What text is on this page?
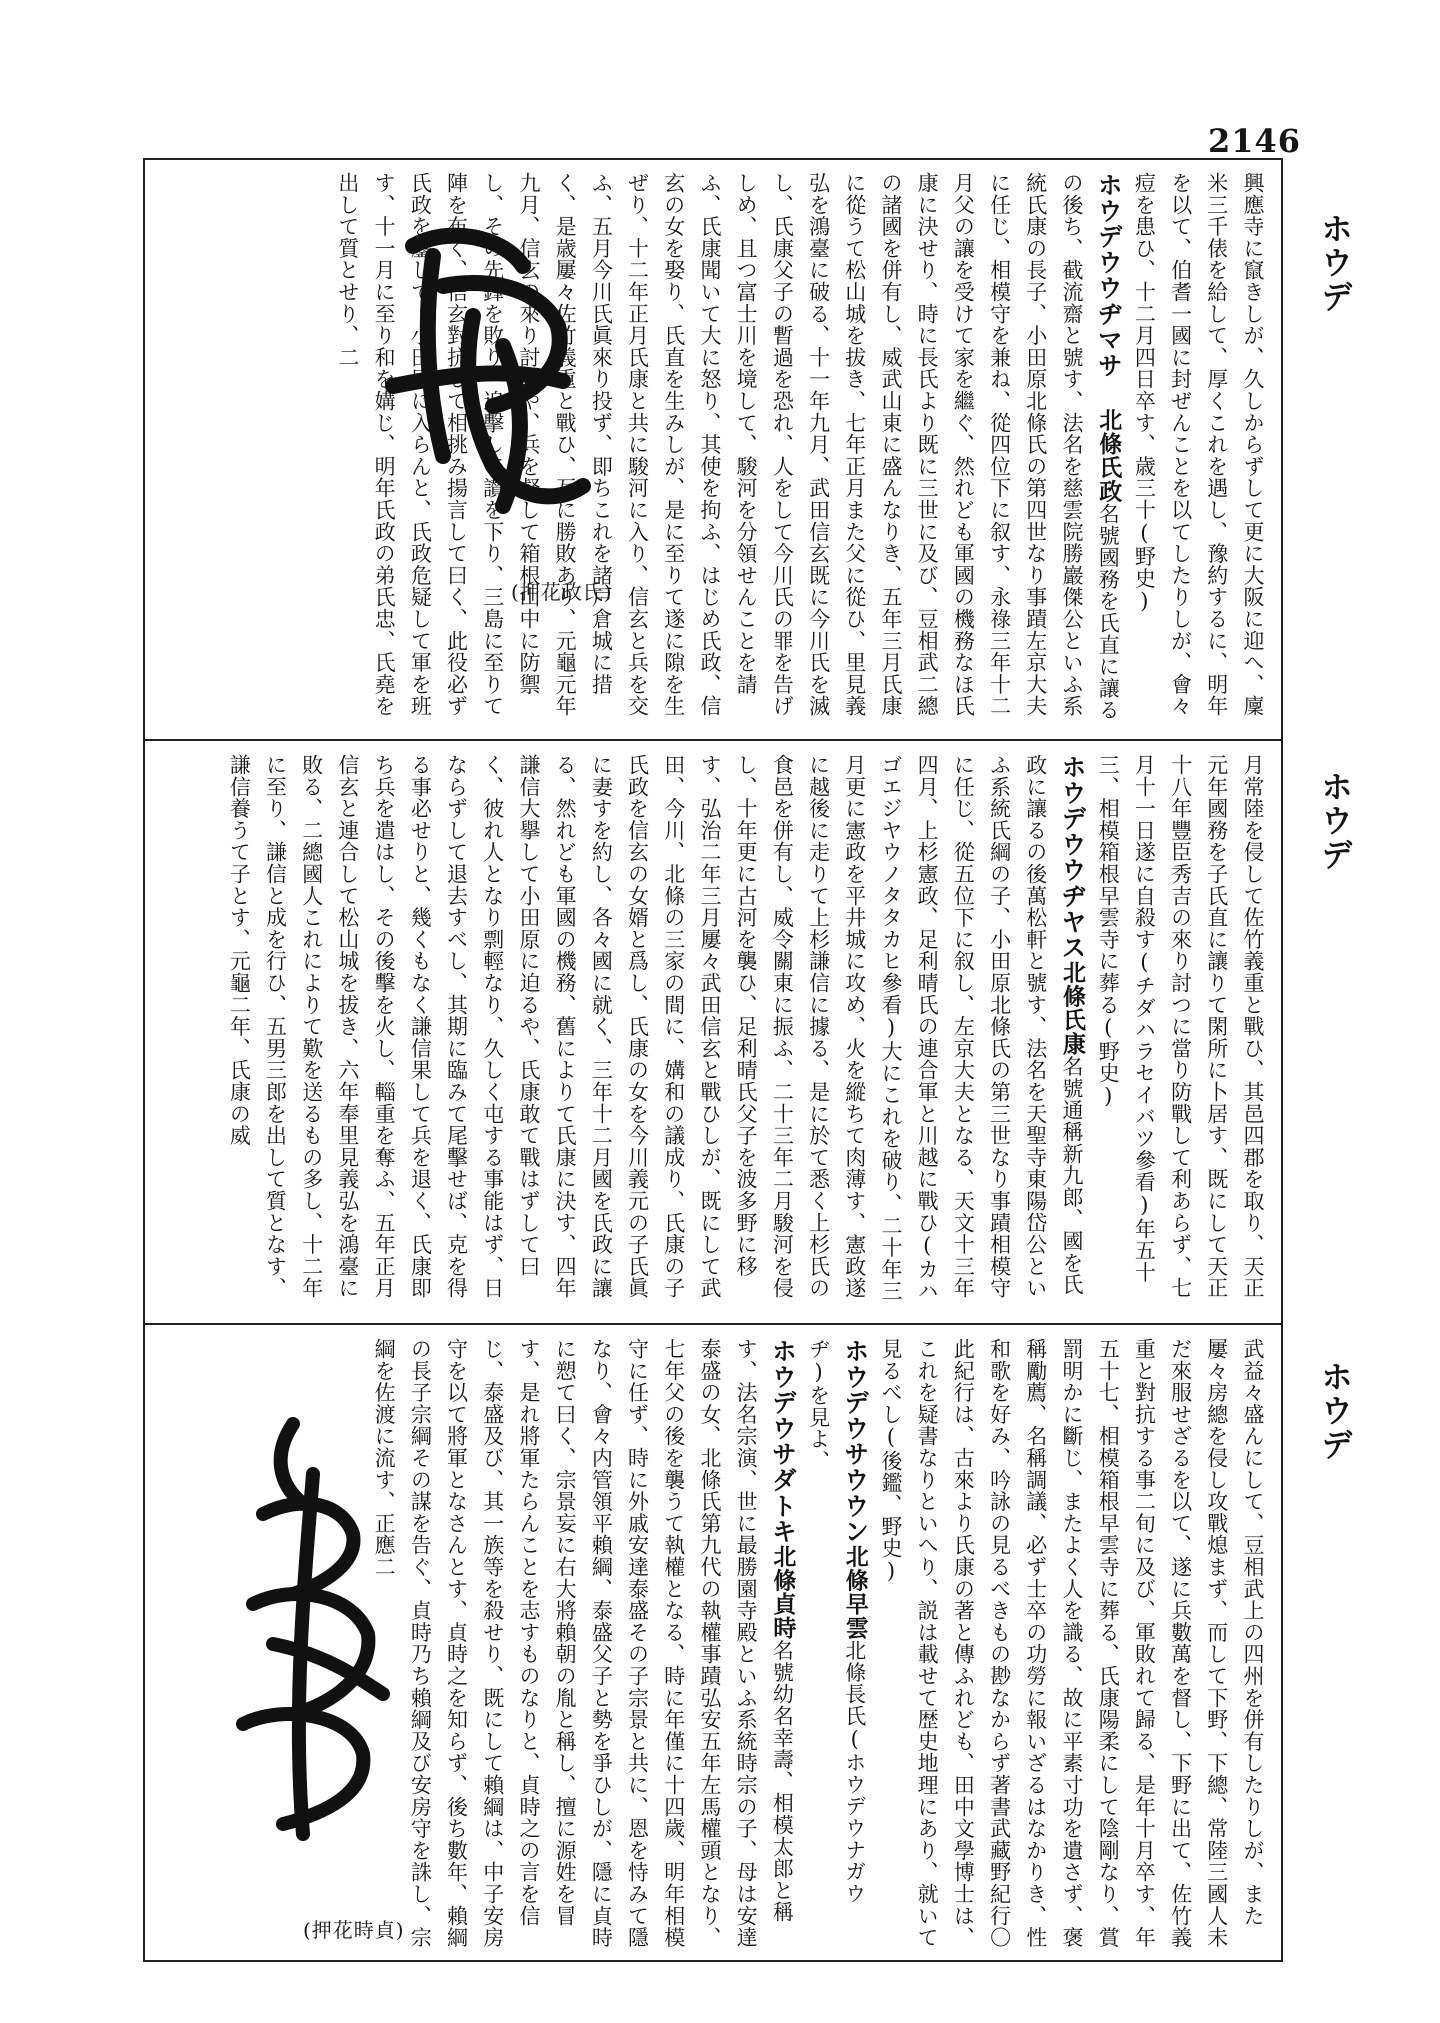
2146
ホウデ
ホウデ
ホウデ

興應寺に竄きしが、久しからずして更に大阪に迎へ、廩米三千俵を給して、厚くこれを遇し、豫約するに、明年を以て、伯耆一國に封ぜんことを以てしたりしが、會々痘を患ひ、十二月四日卒す、歳三十(野史)

ホウデウウヂマサ北條氏政名號國務を氏直に讓るの後ち、截流齋と號す、法名を慈雲院勝巖傑公といふ系統氏康の長子、小田原北條氏の第四世なり事蹟左京大夫に任じ、相模守を兼ね、從四位下に叙す、永祿三年十二月父の讓を受けて家を繼ぐ、然れども軍國の機務なほ氏康に決せり、時に長氏より既に三世に及び、豆相武二總の諸國を併有し、威武山東に盛んなりき、五年三月氏康に從うて松山城を拔き、七年正月また父に從ひ、里見義弘を鴻臺に破る、十一年九月、武田信玄既に今川氏を滅し、氏康父子の暫過を恐れ、人をして今川氏の罪を告げしめ、且つ富士川を境して、駿河を分領せんことを請ふ、氏康聞いて大に怒り、其使を拘ふ、はじめ氏政、信玄の女を娶り、氏直を生みしが、是に至りて遂に隙を生ぜり、十二年正月氏康と共に駿河に入り、信玄と兵を交ふ、五月今川氏眞來り投ず、即ちこれを諸戸倉城に措く、是歳屢々佐竹義重と戰ひ、互に勝敗あり、元龜元年九月、信玄の來り討つや、兵を督して箱根山中に防禦し、その先鋒を敗り、追擊して讃を下り、三島に至りて陣を布く、信玄對抗して相挑み揚言して曰く、此役必ず氏政を鏖して、小田原に入らんと、氏政危疑して軍を班す、十一月に至り和を媾じ、明年氏政の弟氏忠、氏堯を出して質とせり、二

(押花政氏)

月常陸を侵して佐竹義重と戰ひ、其邑四郡を取り、天正元年國務を子氏直に讓りて閑所に卜居す、既にして天正十八年豐臣秀吉の來り討つに當り防戰して利あらず、七月十一日遂に自殺す(チダハラセイバツ參看)年五十三、相模箱根早雲寺に葬る(野史)

ホウデウウヂヤス北條氏康名號通稱新九郎、國を氏政に讓るの後萬松軒と號す、法名を天聖寺東陽岱公といふ系統氏綱の子、小田原北條氏の第三世なり事蹟相模守に任じ、從五位下に叙し、左京大夫となる、天文十三年四月、上杉憲政、足利晴氏の連合軍と川越に戰ひ(カハゴエジヤウノタタカヒ參看)大にこれを破り、二十年三月更に憲政を平井城に攻め、火を縱ちて肉薄す、憲政遂に越後に走りて上杉謙信に據る、是に於て悉く上杉氏の食邑を併有し、威令關東に振ふ、二十三年二月駿河を侵し、十年更に古河を襲ひ、足利晴氏父子を波多野に移す、弘治二年三月屢々武田信玄と戰ひしが、既にして武田、今川、北條の三家の間に、媾和の議成り、氏康の子氏政を信玄の女婿と爲し、氏康の女を今川義元の子氏眞に妻すを約し、各々國に就く、三年十二月國を氏政に讓る、然れども軍國の機務、舊によりて氏康に決す、四年謙信大擧して小田原に迫るや、氏康敢て戰はずして曰く、彼れ人となり剽輕なり、久しく屯する事能はず、日ならずして退去すべし、其期に臨みて尾擊せば、克を得る事必せりと、幾くもなく謙信果して兵を退く、氏康即ち兵を遣はし、その後擊を火し、輜重を奪ふ、五年正月信玄と連合して松山城を拔き、六年奉里見義弘を鴻臺に敗る、二總國人これによりて歎を送るもの多し、十二年に至り、謙信と成を行ひ、五男三郎を出して質となす、謙信養うて子とす、元龜二年、氏康の威

武益々盛んにして、豆相武上の四州を併有したりしが、また屢々房總を侵し攻戰熄まず、而して下野、下總、常陸三國人未だ來服せざるを以て、遂に兵數萬を督し、下野に出て、佐竹義重と對抗する事二旬に及び、軍敗れて歸る、是年十月卒す、年五十七、相模箱根早雲寺に葬る、氏康陽柔にして陰剛なり、賞罰明かに斷じ、またよく人を識る、故に平素寸功を遺さず、褒稱勵薦、名稱調議、必ず士卒の功勞に報いざるはなかりき、性和歌を好み、吟詠の見るべきもの尠なからず著書武藏野紀行〇此紀行は、古來より氏康の著と傳ふれども、田中文學博士は、これを疑書なりといへり、説は載せて歴史地理にあり、就いて見るべし(後鑑、野史)

ホウデウサウウン北條早雲北條長氏(ホウデウナガウヂ)を見よ、

ホウデウサダトキ北條貞時名號幼名幸壽、相模太郎と稱す、法名宗演、世に最勝園寺殿といふ系統時宗の子、母は安達泰盛の女、北條氏第九代の執權事蹟弘安五年左馬權頭となり、七年父の後を襲うて執權となる、時に年僅に十四歲、明年相模守に任ず、時に外戚安達泰盛その子宗景と共に、恩を恃みて隱なり、會々内管領平賴綱、泰盛父子と勢を爭ひしが、隱に貞時に愬て曰く、宗景妄に右大將賴朝の胤と稱し、擅に源姓を冒す、是れ將軍たらんことを志すものなりと、貞時之の言を信じ、泰盛及び、其一族等を殺せり、既にして賴綱は、中子安房守を以て將軍となさんとす、貞時之を知らず、後ち數年、賴綱の長子宗綱その謀を告ぐ、貞時乃ち賴綱及び安房守を誅し、宗綱を佐渡に流す、正應二

(押花時貞)
